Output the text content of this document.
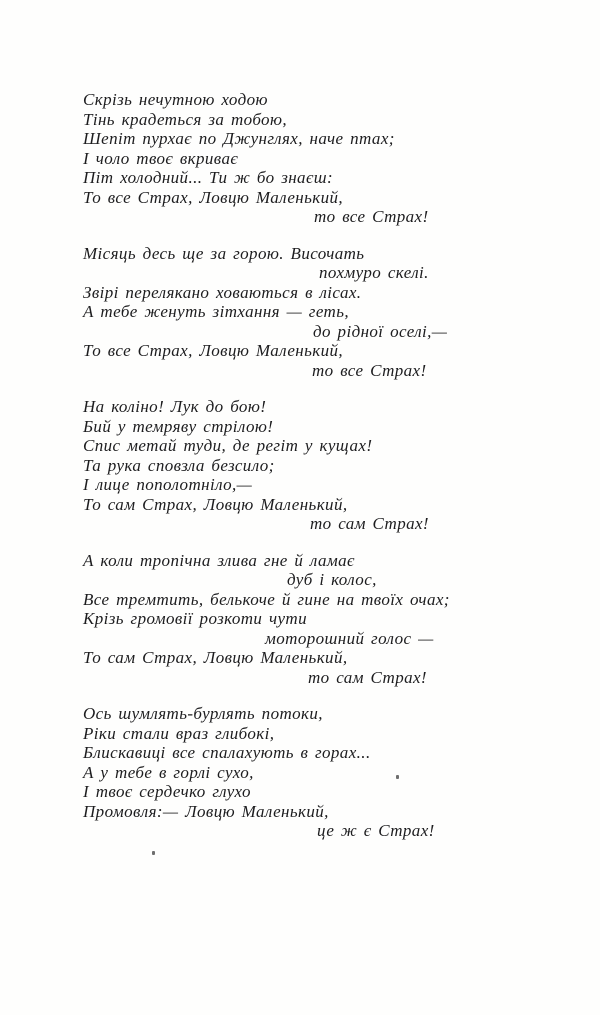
Скрізь нечутною ходою
Тінь крадеться за тобою,
Шепіт пурхає по Джунглях, наче птах;
І чоло твоє вкриває
Піт холодний... Ти ж бо знаєш:
То все Страх, Ловцю Маленький,
то все Страх!
Місяць десь ще за горою. Височать
похмуро скелі.
Звірі перелякано ховаються в лісах.
А тебе женуть зітхання — геть,
до рідної оселі,—
То все Страх, Ловцю Маленький,
то все Страх!
На коліно! Лук до бою!
Бий у темряву стрілою!
Спис метай туди, де регіт у кущах!
Та рука сповзла безсило;
І лице пополотніло,—
То сам Страх, Ловцю Маленький,
то сам Страх!
А коли тропічна злива гне й ламає
дуб і колос,
Все тремтить, белькоче й гине на твоїх очах;
Крізь громовії розкоти чути
моторошний голос —
То сам Страх, Ловцю Маленький,
то сам Страх!
Ось шумлять-бурлять потоки,
Ріки стали враз глибокі,
Блискавиці все спалахують в горах...
А у тебе в горлі сухо,
І твоє сердечко глухо
Промовля:— Ловцю Маленький,
це ж є Страх!
